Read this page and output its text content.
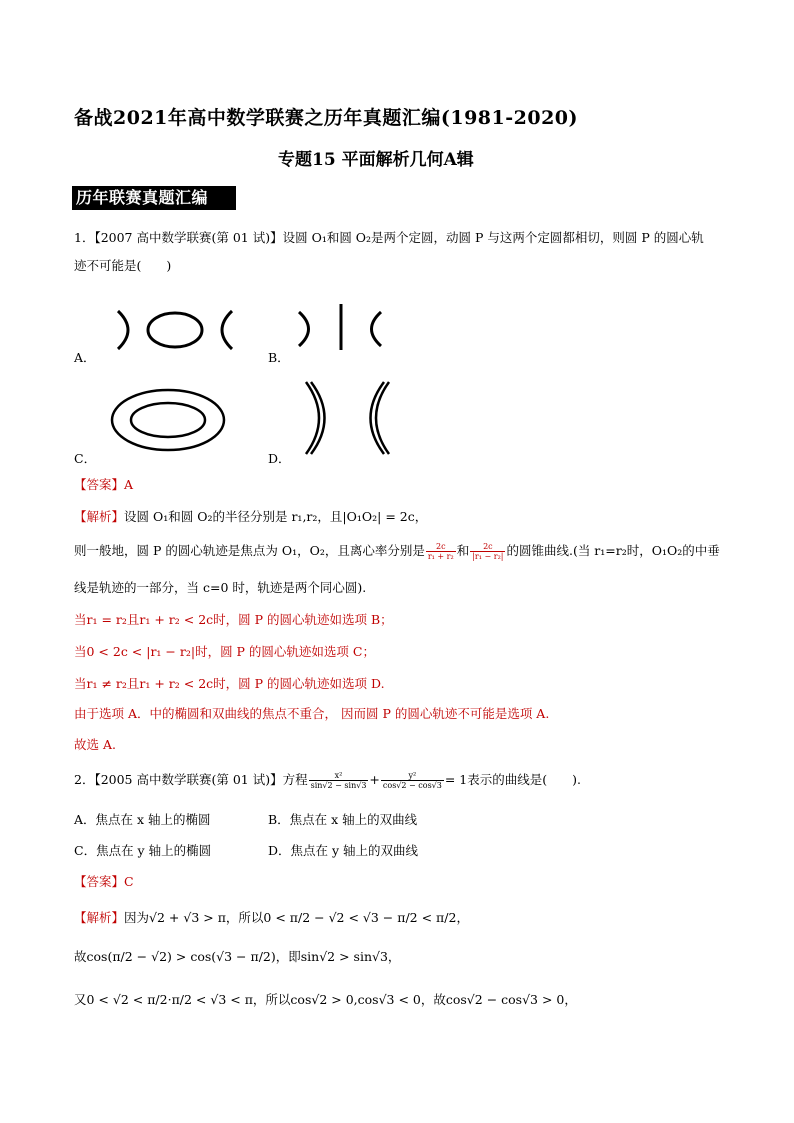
备战2021年高中数学联赛之历年真题汇编(1981-2020)
专题15 平面解析几何A辑
历年联赛真题汇编
1．【2007 高中数学联赛(第 01 试)】设圆 O₁和圆 O₂是两个定圆，动圆 P 与这两个定圆都相切，则圆 P 的圆心轨
迹不可能是(　　)
A．	B．
C．	D．
【答案】A
【解析】设圆 O₁和圆 O₂的半径分别是 r₁,r₂，且|O₁O₂| = 2c，
则一般地，圆 P 的圆心轨迹是焦点为 O₁，O₂，且离心率分别是 $\frac{2c}{\text{r₁ + r₂}}$ 和 $\frac{2c}{\text{|r₁ − r₂|}}$ 的圆锥曲线.(当 r₁=r₂时，O₁O₂的中垂
线是轨迹的一部分，当 c=0 时，轨迹是两个同心圆).
当r₁ = r₂且r₁ + r₂ < 2c时，圆 P 的圆心轨迹如选项 B；
当0 < 2c < |r₁ − r₂|时，圆 P 的圆心轨迹如选项 C；
当r₁ ≠ r₂且r₁ + r₂ < 2c时，圆 P 的圆心轨迹如选项 D.
由于选项 A．中的椭圆和双曲线的焦点不重合， 因而圆 P 的圆心轨迹不可能是选项 A.
故选 A.
2．【2005 高中数学联赛(第 01 试)】方程 $\frac{\text{x²}}{\sin√2 - \sin√3} + \frac{\text{y²}}{\cos√2 - \cos√3} = 1$表示的曲线是(　　).
A．焦点在 x 轴上的椭圆	B．焦点在 x 轴上的双曲线
C．焦点在 y 轴上的椭圆	D．焦点在 y 轴上的双曲线
【答案】C
【解析】因为√2 + √3 > π，所以0 < π/2 − √2 < √3 − π/2 < π/2，
故cos(π/2 − √2) > cos(√3 − π/2)，即sin√2 > sin√3，
又0 < √2 < π/2·π/2 < √3 < π，所以cos√2 > 0,cos√3 < 0，故cos√2 − cos√3 > 0，
